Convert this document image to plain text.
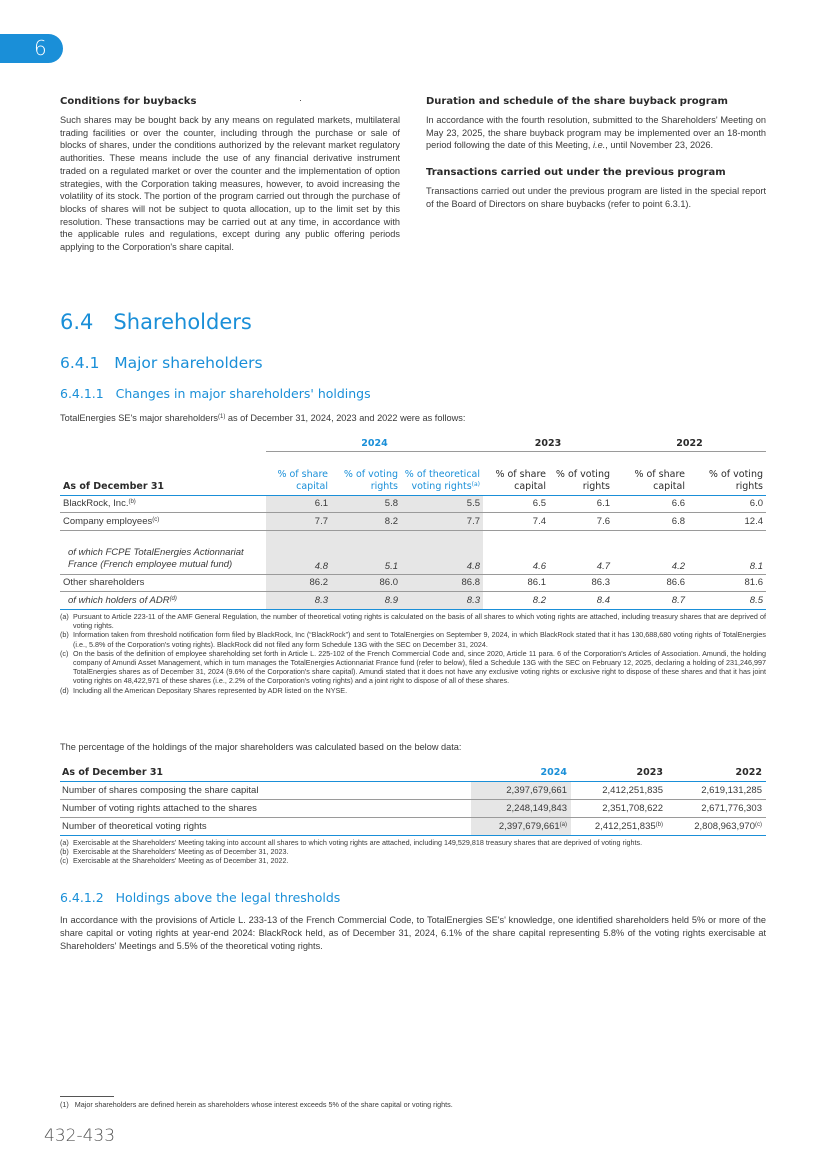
6
Conditions for buybacks

Such shares may be bought back by any means on regulated markets, multilateral trading facilities or over the counter, including through the purchase or sale of blocks of shares, under the conditions authorized by the relevant market regulatory authorities. These means include the use of any financial derivative instrument traded on a regulated market or over the counter and the implementation of option strategies, with the Corporation taking measures, however, to avoid increasing the volatility of its stock. The portion of the program carried out through the purchase of blocks of shares will not be subject to quota allocation, up to the limit set by this resolution. These transactions may be carried out at any time, in accordance with the applicable rules and regulations, except during any public offering periods applying to the Corporation's share capital.

Duration and schedule of the share buyback program

In accordance with the fourth resolution, submitted to the Shareholders' Meeting on May 23, 2025, the share buyback program may be implemented over an 18-month period following the date of this Meeting, i.e., until November 23, 2026.

Transactions carried out under the previous program

Transactions carried out under the previous program are listed in the special report of the Board of Directors on share buybacks (refer to point 6.3.1).

6.4   Shareholders
6.4.1   Major shareholders
6.4.1.1   Changes in major shareholders' holdings
TotalEnergies SE's major shareholders$^{(1)}$ as of December 31, 2024, 2023 and 2022 were as follows:
	2024			2023		2022	
As of December 31	% of share capital	% of voting rights	% of theoretical voting rights$^{(a)}$	% of share capital	% of voting rights	% of share capital	% of voting rights
BlackRock, Inc.$^{(b)}$	6.1	5.8	5.5	6.5	6.1	6.6	6.0
Company employees$^{(c)}$	7.7	8.2	7.7	7.4	7.6	6.8	12.4
of which FCPE TotalEnergies Actionnariat France (French employee mutual fund)	4.8	5.1	4.8	4.6	4.7	4.2	8.1
Other shareholders	86.2	86.0	86.8	86.1	86.3	86.6	81.6
of which holders of ADR$^{(d)}$	8.3	8.9	8.3	8.2	8.4	8.7	8.5
(a) Pursuant to Article 223-11 of the AMF General Regulation, the number of theoretical voting rights is calculated on the basis of all shares to which voting rights are attached, including treasury shares that are deprived of voting rights.
(b) Information taken from threshold notification form filed by BlackRock, Inc (“BlackRock”) and sent to TotalEnergies on September 9, 2024, in which BlackRock stated that it has 130,688,680 voting rights of TotalEnergies (i.e., 5.8% of the Corporation's voting rights). BlackRock did not filed any form Schedule 13G with the SEC on December 31, 2024.
(c) On the basis of the definition of employee shareholding set forth in Article L. 225-102 of the French Commercial Code and, since 2020, Article 11 para. 6 of the Corporation's Articles of Association. Amundi, the holding company of Amundi Asset Management, which in turn manages the TotalEnergies Actionnariat France fund (refer to below), filed a Schedule 13G with the SEC on February 12, 2025, declaring a holding of 231,246,997 TotalEnergies shares as of December 31, 2024 (9.6% of the Corporation's share capital). Amundi stated that it does not have any exclusive voting rights or exclusive right to dispose of these shares and that it has joint voting rights on 48,422,971 of these shares (i.e., 2.2% of the Corporation's voting rights) and a joint right to dispose of all of these shares.
(d) Including all the American Depositary Shares represented by ADR listed on the NYSE.
The percentage of the holdings of the major shareholders was calculated based on the below data:
As of December 31	2024	2023	2022
Number of shares composing the share capital	2,397,679,661	2,412,251,835	2,619,131,285
Number of voting rights attached to the shares	2,248,149,843	2,351,708,622	2,671,776,303
Number of theoretical voting rights	2,397,679,661$^{(a)}$	2,412,251,835$^{(b)}$	2,808,963,970$^{(c)}$
(a) Exercisable at the Shareholders' Meeting taking into account all shares to which voting rights are attached, including 149,529,818 treasury shares that are deprived of voting rights.
(b) Exercisable at the Shareholders' Meeting as of December 31, 2023.
(c) Exercisable at the Shareholders' Meeting as of December 31, 2022.
6.4.1.2   Holdings above the legal thresholds
In accordance with the provisions of Article L. 233-13 of the French Commercial Code, to TotalEnergies SE's' knowledge, one identified shareholders held 5% or more of the share capital or voting rights at year-end 2024: BlackRock held, as of December 31, 2024, 6.1% of the share capital representing 5.8% of the voting rights exercisable at Shareholders' Meetings and 5.5% of the theoretical voting rights.
(1)   Major shareholders are defined herein as shareholders whose interest exceeds 5% of the share capital or voting rights.
432-433
